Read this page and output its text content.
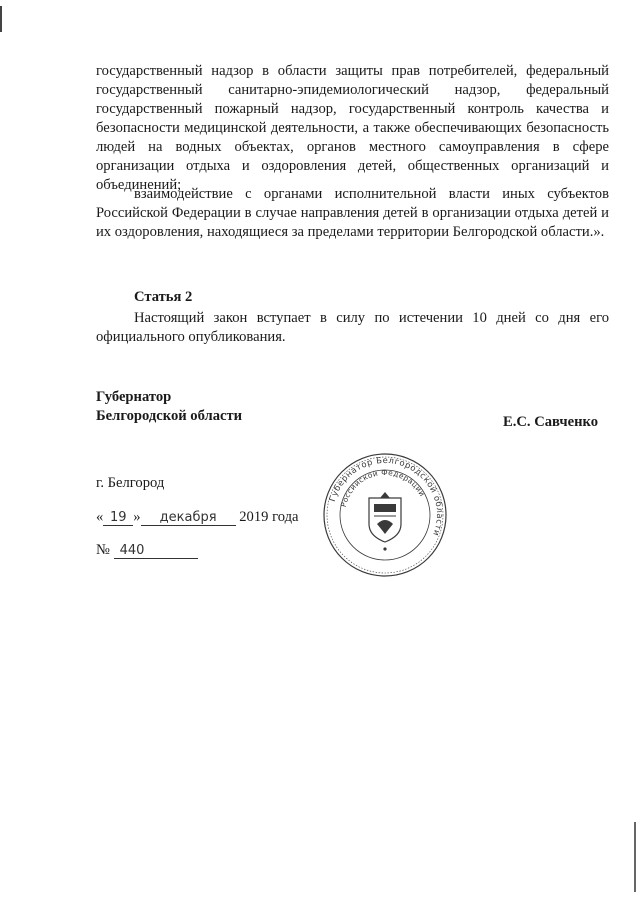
государственный надзор в области защиты прав потребителей, федеральный государственный санитарно-эпидемиологический надзор, федеральный государственный пожарный надзор, государственный контроль качества и безопасности медицинской деятельности, а также обеспечивающих безопасность людей на водных объектах, органов местного самоуправления в сфере организации отдыха и оздоровления детей, общественных организаций и объединений;
взаимодействие с органами исполнительной власти иных субъектов Российской Федерации в случае направления детей в организации отдыха детей и их оздоровления, находящиеся за пределами территории Белгородской области.».
Статья 2
Настоящий закон вступает в силу по истечении 10 дней со дня его официального опубликования.
Губернатор
Белгородской области	Е.С. Савченко
г. Белгород
« 19 » декабря 2019 года
№ 440
Губернатор Белгородской области
Российской Федерации
